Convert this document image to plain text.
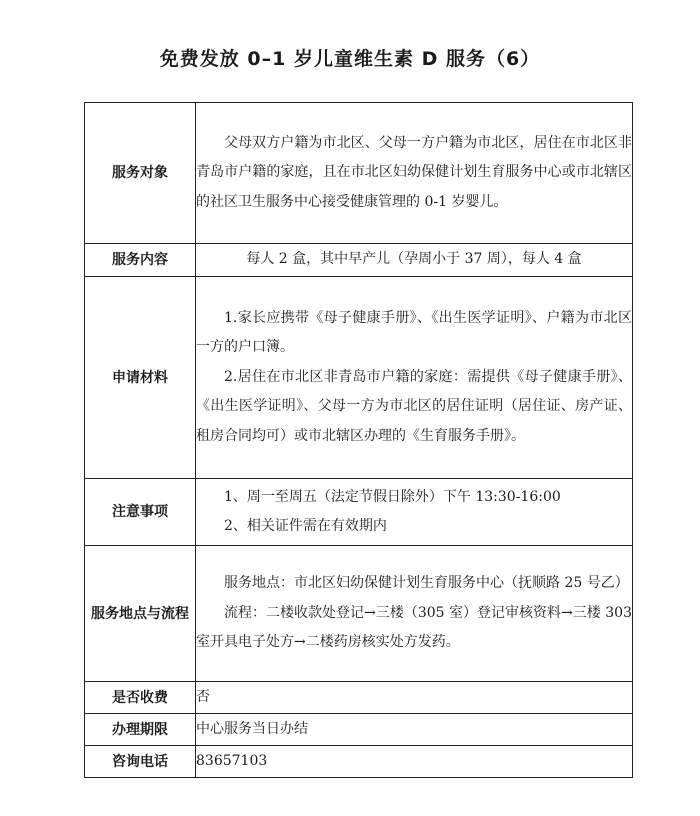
免费发放 0–1 岁儿童维生素 D 服务（6）
服务对象	父母双方户籍为市北区、父母一方户籍为市北区，居住在市北区非青岛市户籍的家庭，且在市北区妇幼保健计划生育服务中心或市北辖区的社区卫生服务中心接受健康管理的 0-1 岁婴儿。

服务内容	每人 2 盒，其中早产儿（孕周小于 37 周），每人 4 盒

申请材料	1.家长应携带《母子健康手册》、《出生医学证明》、户籍为市北区一方的户口簿。

2.居住在市北区非青岛市户籍的家庭：需提供《母子健康手册》、《出生医学证明》、父母一方为市北区的居住证明（居住证、房产证、租房合同均可）或市北辖区办理的《生育服务手册》。

注意事项	1、周一至周五（法定节假日除外）下午 13:30-16:00

2、相关证件需在有效期内

服务地点与流程	服务地点：市北区妇幼保健计划生育服务中心（抚顺路 25 号乙）

流程：二楼收款处登记→三楼（305 室）登记审核资料→三楼 303 室开具电子处方→二楼药房核实处方发药。

是否收费	否
办理期限	中心服务当日办结
咨询电话	83657103
